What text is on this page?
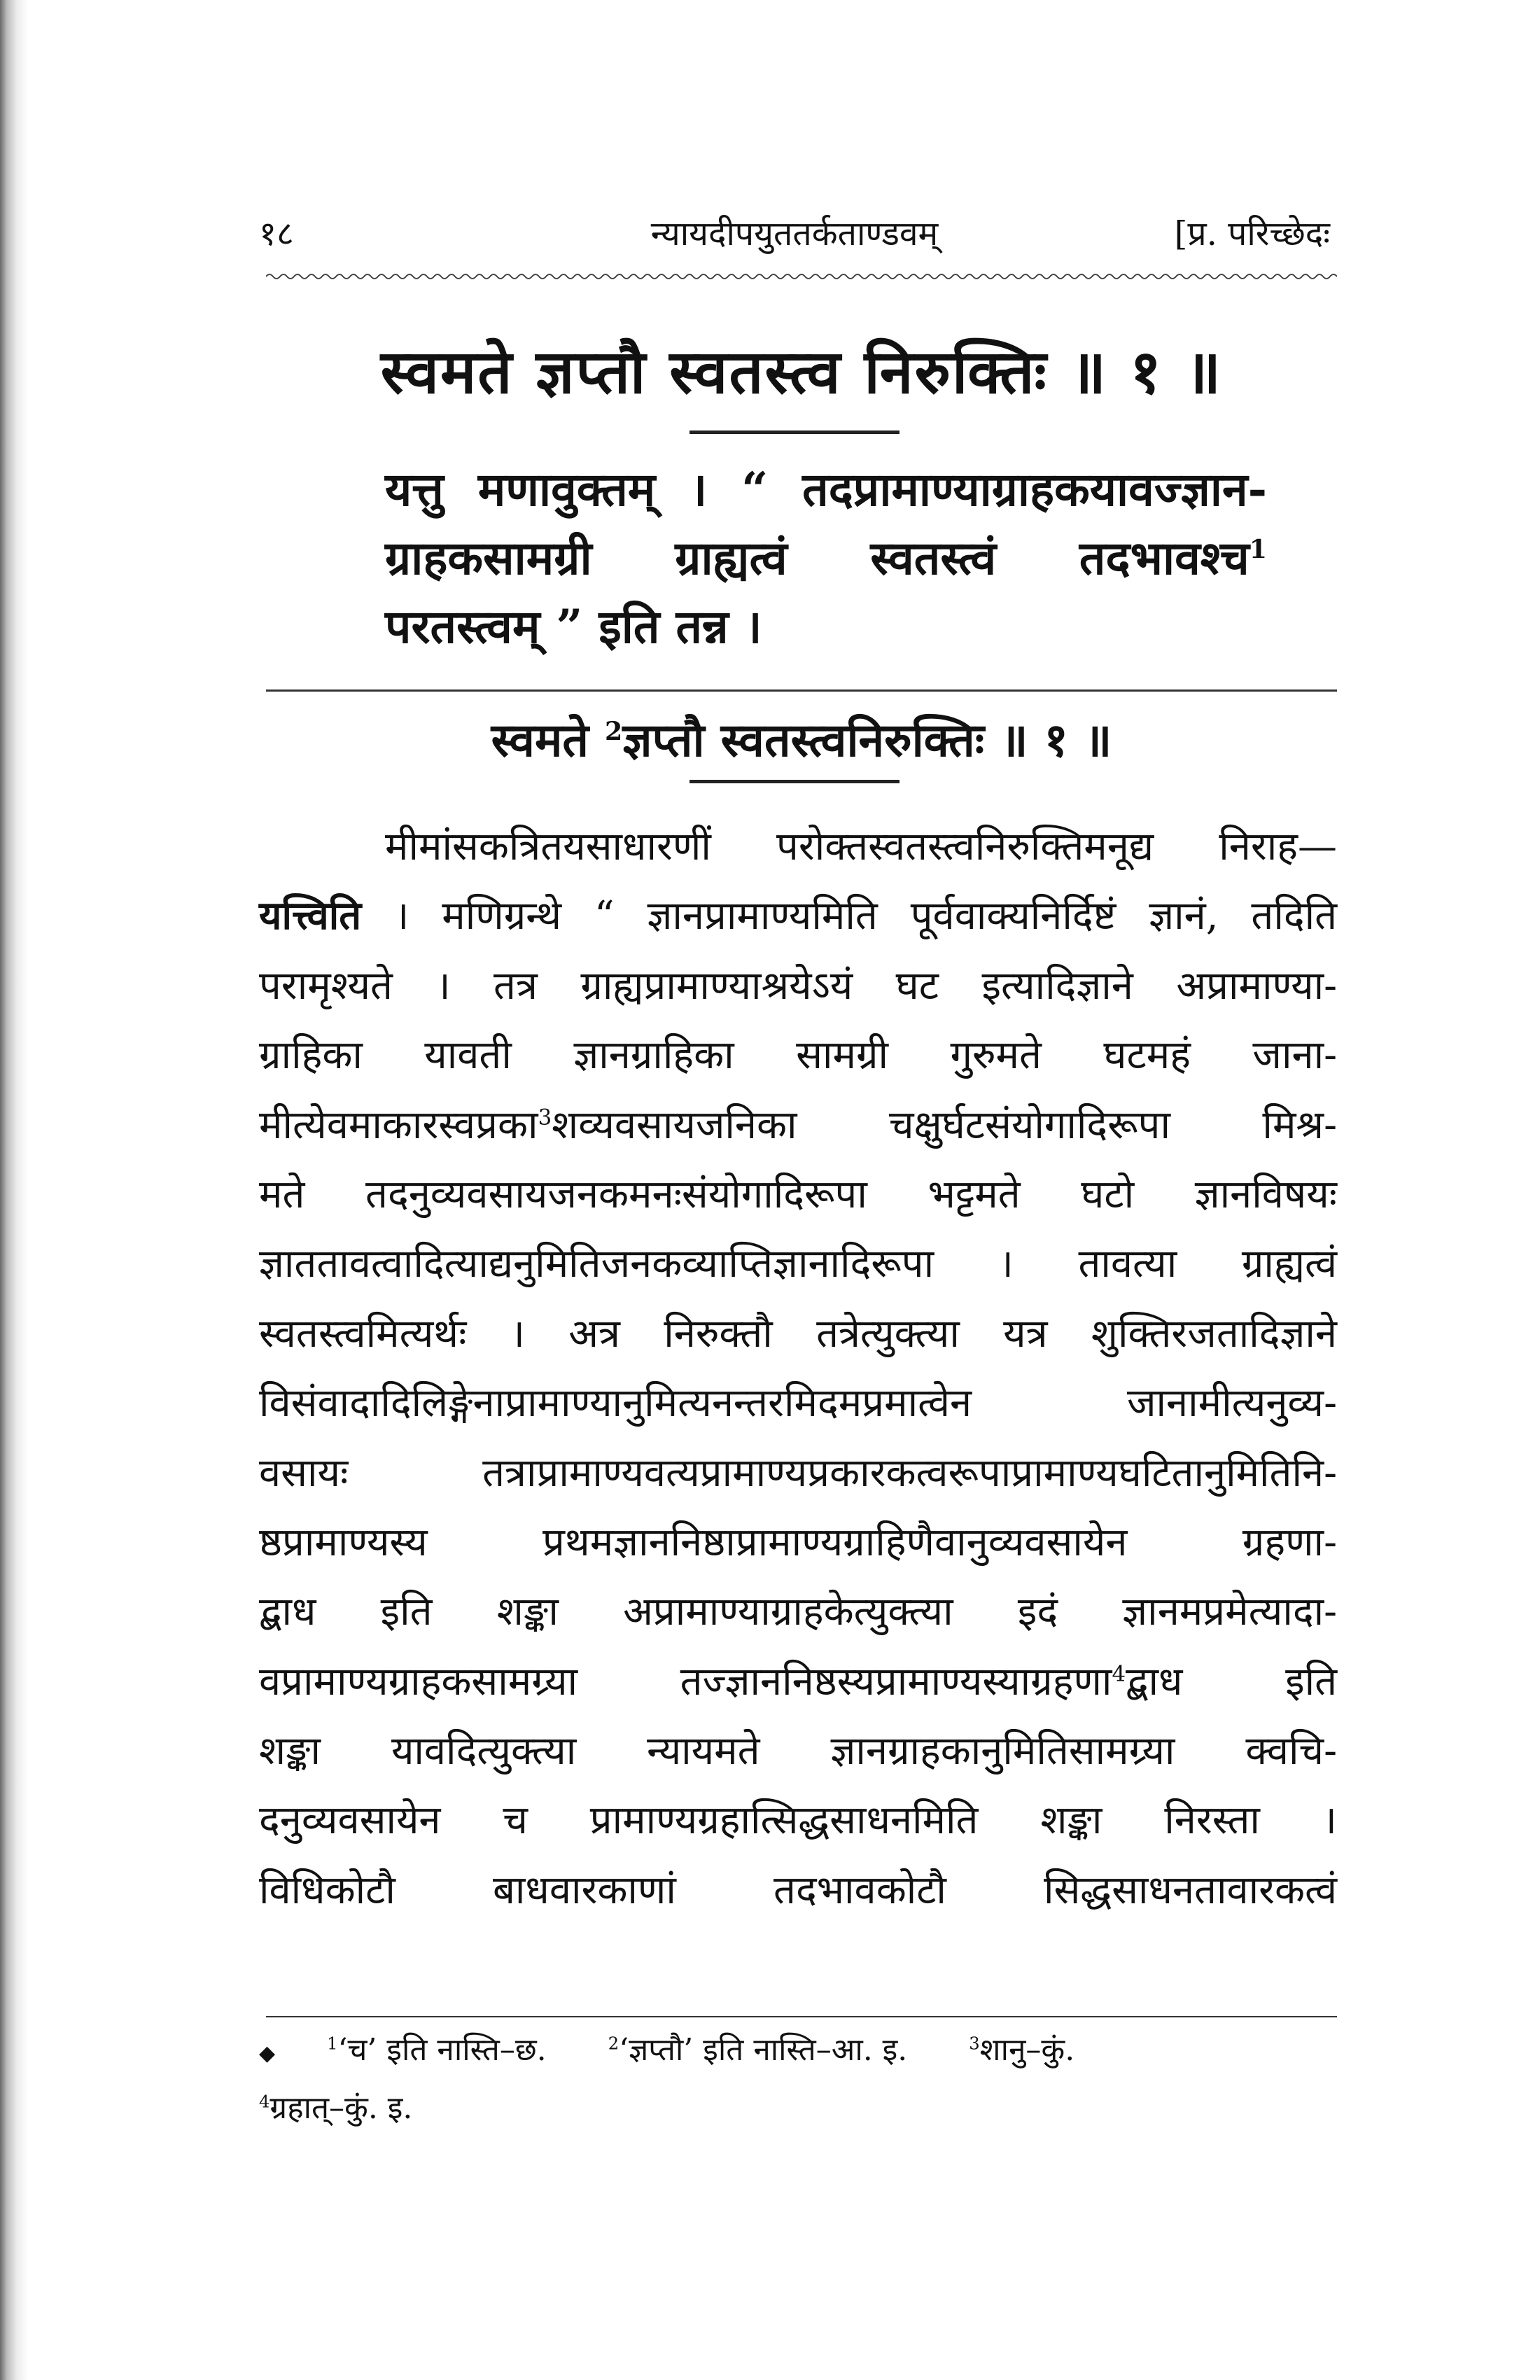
१८	न्यायदीपयुततर्कताण्डवम्	[प्र. परिच्छेदः
स्वमते ज्ञप्तौ स्वतस्त्व निरुक्तिः ॥ १ ॥
यत्तु मणावुक्तम् । “ तदप्रामाण्याग्राहकयावज्ज्ञान-
ग्राहकसामग्री ग्राह्यत्वं स्वतस्त्वं तदभावश्च$^1$
परतस्त्वम् ” इति तन्न ।
स्वमते $^2$ज्ञप्तौ स्वतस्त्वनिरुक्तिः ॥ १ ॥
मीमांसकत्रितयसाधारणीं परोक्तस्वतस्त्वनिरुक्तिमनूद्य निराह—
यत्त्विति । मणिग्रन्थे “ ज्ञानप्रामाण्यमिति पूर्ववाक्यनिर्दिष्टं ज्ञानं, तदिति
परामृश्यते । तत्र ग्राह्यप्रामाण्याश्रयेऽयं घट इत्यादिज्ञाने अप्रामाण्या-
ग्राहिका यावती ज्ञानग्राहिका सामग्री गुरुमते घटमहं जाना-
मीत्येवमाकारस्वप्रका$^3$शव्यवसायजनिका चक्षुर्घटसंयोगादिरूपा मिश्र-
मते तदनुव्यवसायजनकमनःसंयोगादिरूपा भट्टमते घटो ज्ञानविषयः
ज्ञाततावत्वादित्याद्यनुमितिजनकव्याप्तिज्ञानादिरूपा । तावत्या ग्राह्यत्वं
स्वतस्त्वमित्यर्थः । अत्र निरुक्तौ तत्रेत्युक्त्या यत्र शुक्तिरजतादिज्ञाने
विसंवादादिलिङ्गेनाप्रामाण्यानुमित्यनन्तरमिदमप्रमात्वेन जानामीत्यनुव्य-
वसायः तत्राप्रामाण्यवत्यप्रामाण्यप्रकारकत्वरूपाप्रामाण्यघटितानुमितिनि-
ष्ठप्रामाण्यस्य प्रथमज्ञाननिष्ठाप्रामाण्यग्राहिणैवानुव्यवसायेन ग्रहणा-
द्बाध इति शङ्का अप्रामाण्याग्राहकेत्युक्त्या इदं ज्ञानमप्रमेत्यादा-
वप्रामाण्यग्राहकसामग्र्या तज्ज्ञाननिष्ठस्यप्रामाण्यस्याग्रहणा$^4$द्बाध इति
शङ्का यावदित्युक्त्या न्यायमते ज्ञानग्राहकानुमितिसामग्र्या क्वचि-
दनुव्यवसायेन च प्रामाण्यग्रहात्सिद्धसाधनमिति शङ्का निरस्ता ।
विधिकोटौ बाधवारकाणां तदभावकोटौ सिद्धसाधनतावारकत्वं
◆	$^1$‘च’ इति नास्ति–छ.	$^2$‘ज्ञप्तौ’ इति नास्ति–आ. इ.	$^3$शानु–कुं.
$^4$ग्रहात्–कुं. इ.
